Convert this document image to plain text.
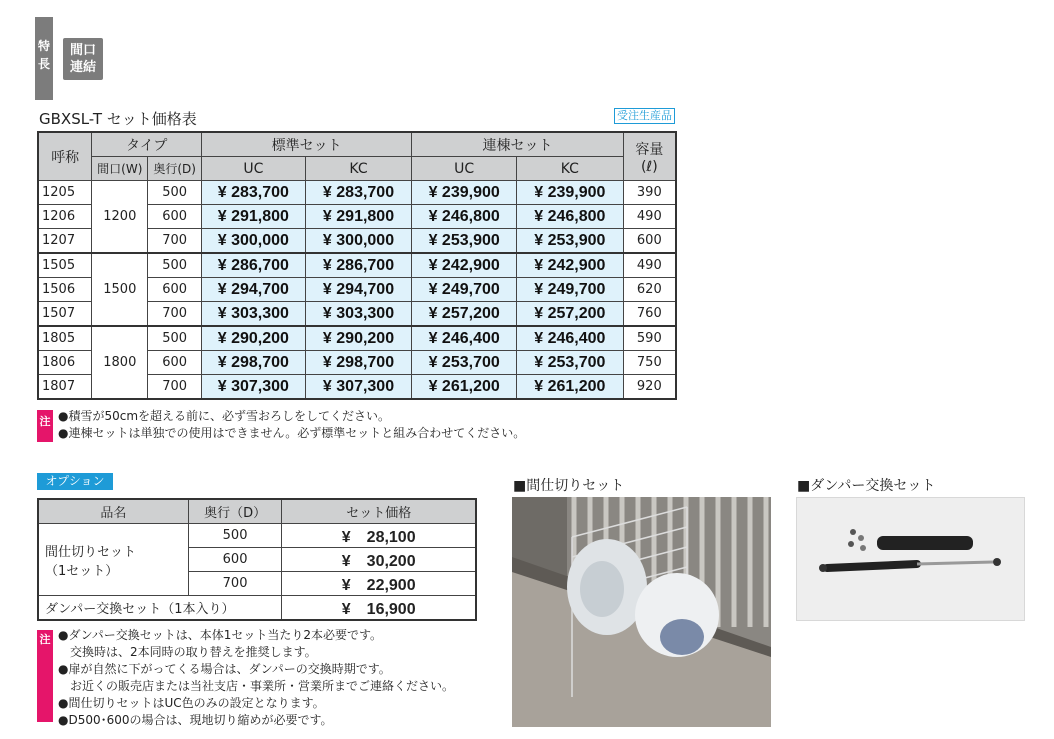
特
長
間口
連結
GBXSL-T セット価格表	受注生産品
呼称	タイプ		標準セット		連棟セット		容量
(ℓ)

	間口(W)	奥行(D)	UC	KC	UC	KC	
1205	1200	500	¥ 283,700	¥ 283,700	¥ 239,900	¥ 239,900	390
1206		600	¥ 291,800	¥ 291,800	¥ 246,800	¥ 246,800	490
1207		700	¥ 300,000	¥ 300,000	¥ 253,900	¥ 253,900	600
1505	1500	500	¥ 286,700	¥ 286,700	¥ 242,900	¥ 242,900	490
1506		600	¥ 294,700	¥ 294,700	¥ 249,700	¥ 249,700	620
1507		700	¥ 303,300	¥ 303,300	¥ 257,200	¥ 257,200	760
1805	1800	500	¥ 290,200	¥ 290,200	¥ 246,400	¥ 246,400	590
1806		600	¥ 298,700	¥ 298,700	¥ 253,700	¥ 253,700	750
1807		700	¥ 307,300	¥ 307,300	¥ 261,200	¥ 261,200	920
注 ●積雪が50cmを超える前に、必ず雪おろしをしてください。
●連棟セットは単独での使用はできません。必ず標準セットと組み合わせてください。
オプション
品名	奥行（D）	セット価格

間仕切りセット
（1セット）	500	¥　28,100
	600	¥　30,200
	700	¥　22,900
ダンパー交換セット（1本入り）		¥　16,900
注 ●ダンパー交換セットは、本体1セット当たり2本必要です。
　交換時は、2本同時の取り替えを推奨します。
●扉が自然に下がってくる場合は、ダンパーの交換時期です。
　お近くの販売店または当社支店・事業所・営業所までご連絡ください。
●間仕切りセットはUC色のみの設定となります。
●D500･600の場合は、現地切り縮めが必要です。
■間仕切りセット	■ダンパー交換セット
